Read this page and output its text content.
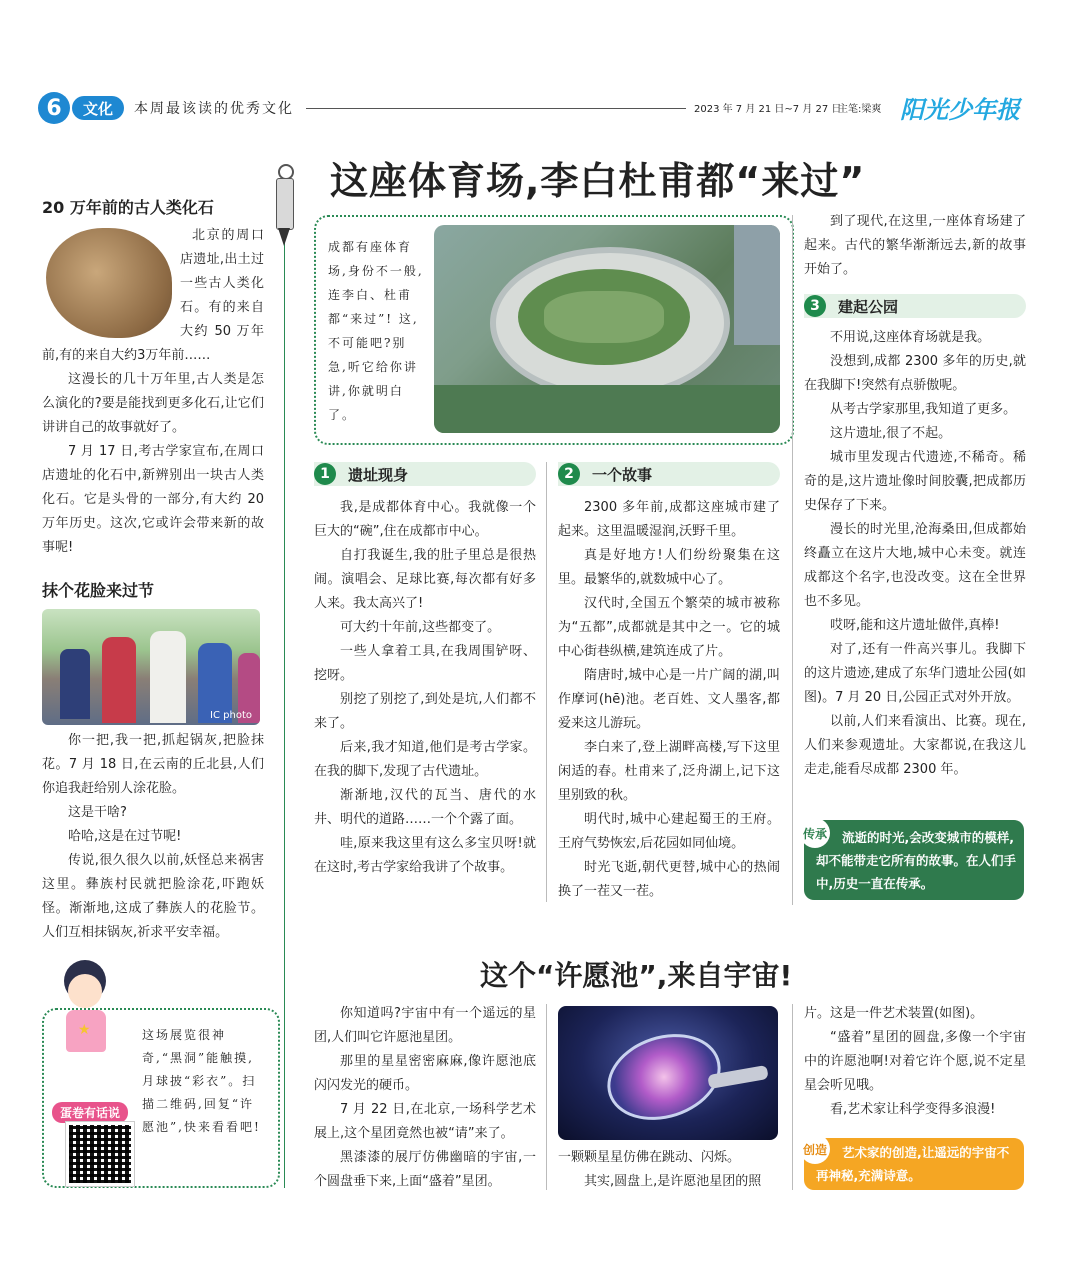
6 文化 本周最该读的优秀文化	2023 年 7 月 21 日~7 月 27 日
主笔:梁爽 阳光少年报
20 万年前的古人类化石

北京的周口店遗址,出土过一些古人类化石。有的来自大约 50 万年前,有的来自大约3万年前……

这漫长的几十万年里,古人类是怎么演化的?要是能找到更多化石,让它们讲讲自己的故事就好了。

7 月 17 日,考古学家宣布,在周口店遗址的化石中,新辨别出一块古人类化石。它是头骨的一部分,有大约 20 万年历史。这次,它或许会带来新的故事呢!

抹个花脸来过节
IC photo

你一把,我一把,抓起锅灰,把脸抹花。7 月 18 日,在云南的丘北县,人们你追我赶给别人涂花脸。

这是干啥?

哈哈,这是在过节呢!

传说,很久很久以前,妖怪总来祸害这里。彝族村民就把脸涂花,吓跑妖怪。渐渐地,这成了彝族人的花脸节。人们互相抹锅灰,祈求平安幸福。

★
蛋卷有话说
这场展览很神奇,“黑洞”能触摸,月球披“彩衣”。扫描二维码,回复“许愿池”,快来看看吧!
这座体育场,李白杜甫都“来过”
成都有座体育场,身份不一般,连李白、杜甫都“来过”! 这,不可能吧?别急,听它给你讲讲,你就明白了。
1	遗址现身

我,是成都体育中心。我就像一个巨大的“碗”,住在成都市中心。

自打我诞生,我的肚子里总是很热闹。演唱会、足球比赛,每次都有好多人来。我太高兴了!

可大约十年前,这些都变了。

一些人拿着工具,在我周围铲呀、挖呀。

别挖了别挖了,到处是坑,人们都不来了。

后来,我才知道,他们是考古学家。在我的脚下,发现了古代遗址。

渐渐地,汉代的瓦当、唐代的水井、明代的道路……一个个露了面。

哇,原来我这里有这么多宝贝呀!就在这时,考古学家给我讲了个故事。

2	一个故事

2300 多年前,成都这座城市建了起来。这里温暖湿润,沃野千里。

真是好地方!人们纷纷聚集在这里。最繁华的,就数城中心了。

汉代时,全国五个繁荣的城市被称为“五都”,成都就是其中之一。它的城中心街巷纵横,建筑连成了片。

隋唐时,城中心是一片广阔的湖,叫作摩诃(hē)池。老百姓、文人墨客,都爱来这儿游玩。

李白来了,登上湖畔高楼,写下这里闲适的春。杜甫来了,泛舟湖上,记下这里别致的秋。

明代时,城中心建起蜀王的王府。王府气势恢宏,后花园如同仙境。

时光飞逝,朝代更替,城中心的热闹换了一茬又一茬。

到了现代,在这里,一座体育场建了起来。古代的繁华渐渐远去,新的故事开始了。

3	建起公园

不用说,这座体育场就是我。

没想到,成都 2300 多年的历史,就在我脚下!突然有点骄傲呢。

从考古学家那里,我知道了更多。

这片遗址,很了不起。

城市里发现古代遗迹,不稀奇。稀奇的是,这片遗址像时间胶囊,把成都历史保存了下来。

漫长的时光里,沧海桑田,但成都始终矗立在这片大地,城中心未变。就连成都这个名字,也没改变。这在全世界也不多见。

哎呀,能和这片遗址做伴,真棒!

对了,还有一件高兴事儿。我脚下的这片遗迹,建成了东华门遗址公园(如图)。7 月 20 日,公园正式对外开放。

以前,人们来看演出、比赛。现在,人们来参观遗址。大家都说,在我这儿走走,能看尽成都 2300 年。

传承	流逝的时光,会改变城市的模样,却不能带走它所有的故事。在人们手中,历史一直在传承。
这个“许愿池”,来自宇宙!

你知道吗?宇宙中有一个遥远的星团,人们叫它许愿池星团。

那里的星星密密麻麻,像许愿池底闪闪发光的硬币。

7 月 22 日,在北京,一场科学艺术展上,这个星团竟然也被“请”来了。

黑漆漆的展厅仿佛幽暗的宇宙,一个圆盘垂下来,上面“盛着”星团。

一颗颗星星仿佛在跳动、闪烁。

其实,圆盘上,是许愿池星团的照

片。这是一件艺术装置(如图)。

“盛着”星团的圆盘,多像一个宇宙中的许愿池啊!对着它许个愿,说不定星星会听见哦。

看,艺术家让科学变得多浪漫!

创造	艺术家的创造,让遥远的宇宙不再神秘,充满诗意。
